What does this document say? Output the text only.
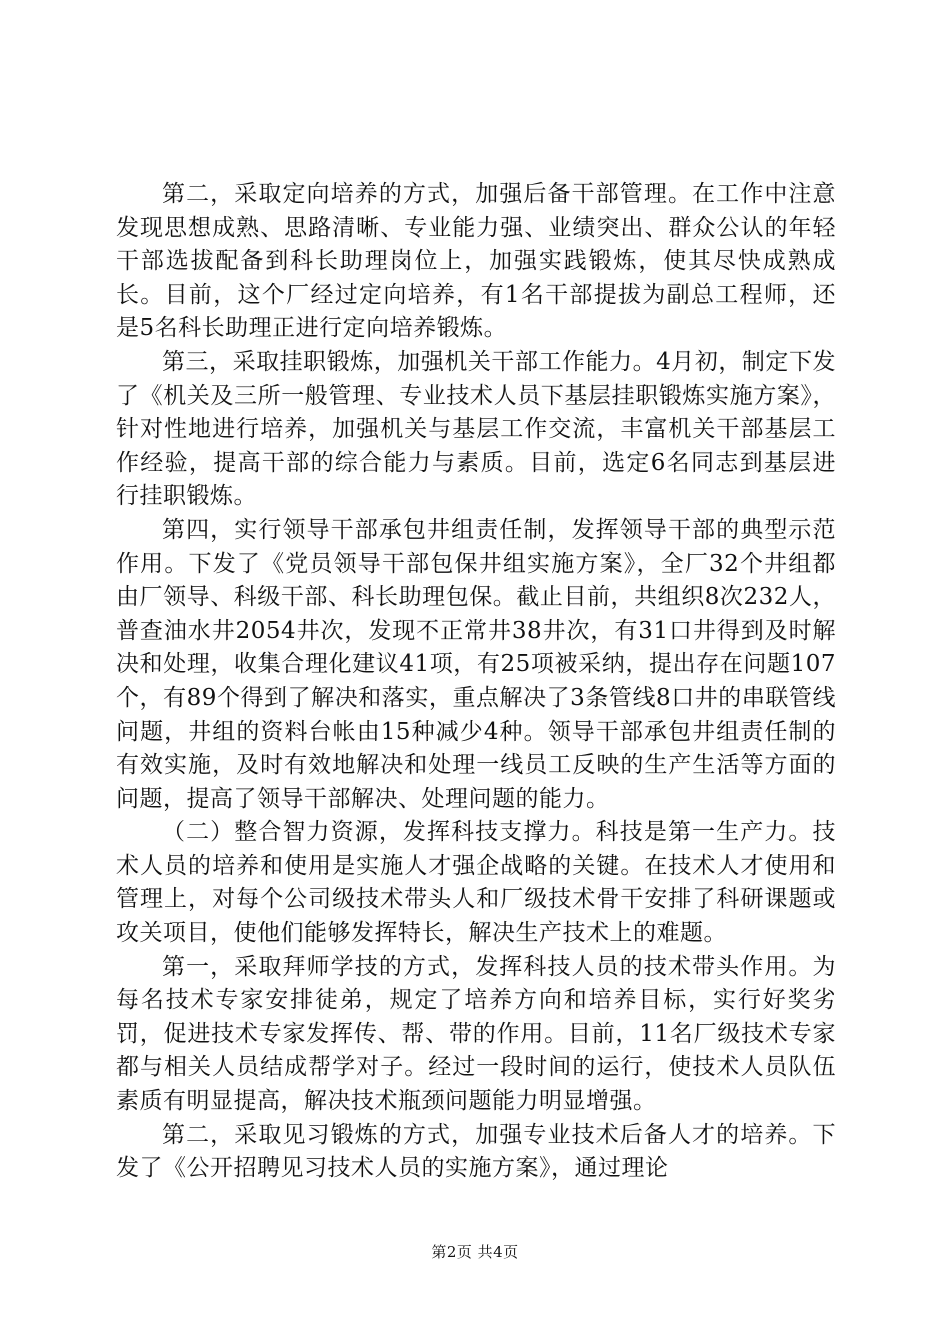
第二，采取定向培养的方式，加强后备干部管理。在工作中注意发现思想成熟、思路清晰、专业能力强、业绩突出、群众公认的年轻干部选拔配备到科长助理岗位上，加强实践锻炼，使其尽快成熟成长。目前，这个厂经过定向培养，有1名干部提拔为副总工程师，还是5名科长助理正进行定向培养锻炼。

第三，采取挂职锻炼，加强机关干部工作能力。4月初，制定下发了《机关及三所一般管理、专业技术人员下基层挂职锻炼实施方案》，针对性地进行培养，加强机关与基层工作交流，丰富机关干部基层工作经验，提高干部的综合能力与素质。目前，选定6名同志到基层进行挂职锻炼。

第四，实行领导干部承包井组责任制，发挥领导干部的典型示范作用。下发了《党员领导干部包保井组实施方案》，全厂32个井组都由厂领导、科级干部、科长助理包保。截止目前，共组织8次232人，普查油水井2054井次，发现不正常井38井次，有31口井得到及时解决和处理，收集合理化建议41项，有25项被采纳，提出存在问题107个，有89个得到了解决和落实，重点解决了3条管线8口井的串联管线问题，井组的资料台帐由15种减少4种。领导干部承包井组责任制的有效实施，及时有效地解决和处理一线员工反映的生产生活等方面的问题，提高了领导干部解决、处理问题的能力。

（二）整合智力资源，发挥科技支撑力。科技是第一生产力。技术人员的培养和使用是实施人才强企战略的关键。在技术人才使用和管理上，对每个公司级技术带头人和厂级技术骨干安排了科研课题或攻关项目，使他们能够发挥特长，解决生产技术上的难题。

第一，采取拜师学技的方式，发挥科技人员的技术带头作用。为每名技术专家安排徒弟，规定了培养方向和培养目标，实行好奖劣罚，促进技术专家发挥传、帮、带的作用。目前，11名厂级技术专家都与相关人员结成帮学对子。经过一段时间的运行，使技术人员队伍素质有明显提高，解决技术瓶颈问题能力明显增强。

第二，采取见习锻炼的方式，加强专业技术后备人才的培养。下发了《公开招聘见习技术人员的实施方案》，通过理论

第2页 共4页
